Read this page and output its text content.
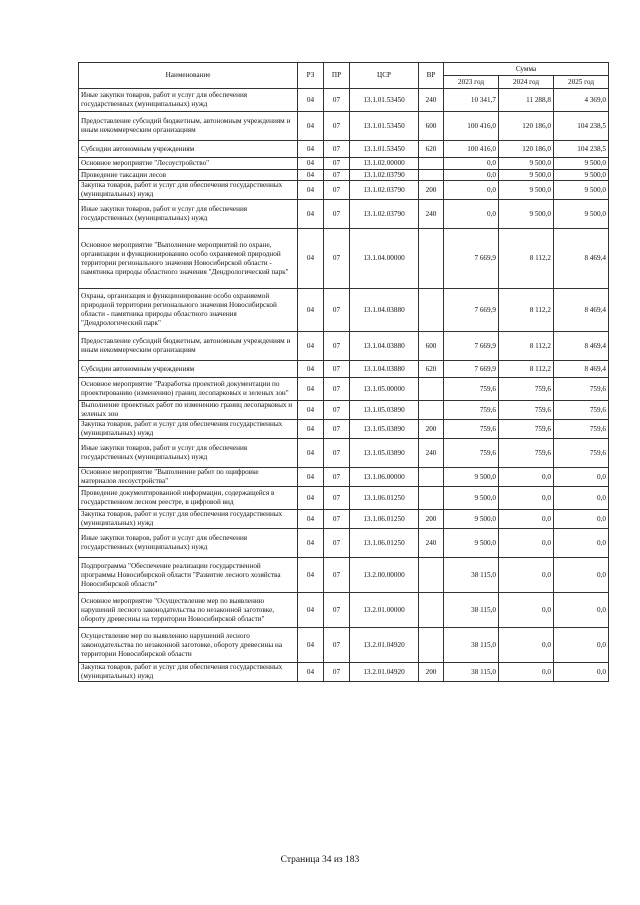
Наименование	РЗ	ПР	ЦСР	ВР	Сумма		
					2023 год	2024 год	2025 год
Иные закупки товаров, работ и услуг для обеспечения государственных (муниципальных) нужд	04	07	13.1.01.53450	240	10 341,7	11 288,8	4 369,0
Предоставление субсидий бюджетным, автономным учреждениям и иным некоммерческим организациям	04	07	13.1.01.53450	600	100 416,0	120 186,0	104 238,5
Субсидии автономным учреждениям	04	07	13.1.01.53450	620	100 416,0	120 186,0	104 238,5
Основное мероприятие "Лесоустройство"	04	07	13.1.02.00000		0,0	9 500,0	9 500,0
Проведение таксации лесов	04	07	13.1.02.03790		0,0	9 500,0	9 500,0
Закупка товаров, работ и услуг для обеспечения государственных (муниципальных) нужд	04	07	13.1.02.03790	200	0,0	9 500,0	9 500,0
Иные закупки товаров, работ и услуг для обеспечения государственных (муниципальных) нужд	04	07	13.1.02.03790	240	0,0	9 500,0	9 500,0
Основное мероприятие "Выполнение мероприятий по охране, организации и функционированию особо охраняемой природной территории регионального значения Новосибирской области - памятника природы областного значения "Дендрологический парк"	04	07	13.1.04.00000		7 669,9	8 112,2	8 469,4
Охрана, организация и функционирование особо охраняемой природной территории регионального значения Новосибирской области - памятника природы областного значения "Дендрологический парк"	04	07	13.1.04.03880		7 669,9	8 112,2	8 469,4
Предоставление субсидий бюджетным, автономным учреждениям и иным некоммерческим организациям	04	07	13.1.04.03880	600	7 669,9	8 112,2	8 469,4
Субсидии автономным учреждениям	04	07	13.1.04.03880	620	7 669,9	8 112,2	8 469,4
Основное мероприятие "Разработка проектной документации по проектированию (изменению) границ лесопарковых и зеленых зон"	04	07	13.1.05.00000		759,6	759,6	759,6
Выполнение проектных работ по изменению границ лесопарковых и зеленых зон	04	07	13.1.05.03890		759,6	759,6	759,6
Закупка товаров, работ и услуг для обеспечения государственных (муниципальных) нужд	04	07	13.1.05.03890	200	759,6	759,6	759,6
Иные закупки товаров, работ и услуг для обеспечения государственных (муниципальных) нужд	04	07	13.1.05.03890	240	759,6	759,6	759,6
Основное мероприятие "Выполнение работ по оцифровке материалов лесоустройства"	04	07	13.1.06.00000		9 500,0	0,0	0,0
Проведение документированной информации, содержащейся в государственном лесном реестре, в цифровой вид	04	07	13.1.06.01250		9 500,0	0,0	0,0
Закупка товаров, работ и услуг для обеспечения государственных (муниципальных) нужд	04	07	13.1.06.01250	200	9 500,0	0,0	0,0
Иные закупки товаров, работ и услуг для обеспечения государственных (муниципальных) нужд	04	07	13.1.06.01250	240	9 500,0	0,0	0,0
Подпрограмма "Обеспечение реализации государственной программы Новосибирской области "Развитие лесного хозяйства Новосибирской области"	04	07	13.2.00.00000		38 115,0	0,0	0,0
Основное мероприятие "Осуществление мер по выявлению нарушений лесного законодательства по незаконной заготовке, обороту древесины на территории Новосибирской области"	04	07	13.2.01.00000		38 115,0	0,0	0,0
Осуществление мер по выявлению нарушений лесного законодательства по незаконной заготовке, обороту древесины на территории Новосибирской области	04	07	13.2.01.04920		38 115,0	0,0	0,0
Закупка товаров, работ и услуг для обеспечения государственных (муниципальных) нужд	04	07	13.2.01.04920	200	38 115,0	0,0	0,0
Страница 34 из 183
